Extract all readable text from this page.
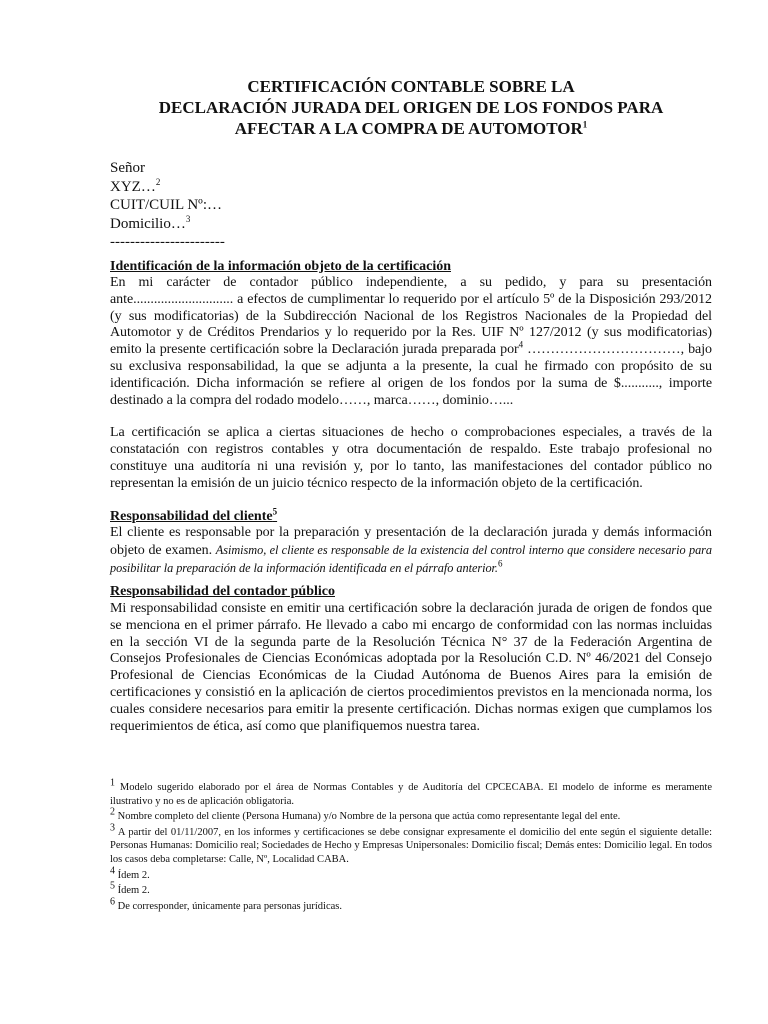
CERTIFICACIÓN CONTABLE SOBRE LA
DECLARACIÓN JURADA DEL ORIGEN DE LOS FONDOS PARA
AFECTAR A LA COMPRA DE AUTOMOTOR$^1$
Señor
XYZ…$^2$
CUIT/CUIL Nº:…
Domicilio…$^3$
-----------------------
Identificación de la información objeto de la certificación

En mi carácter de contador público independiente, a su pedido, y para su presentación ante............................. a efectos de cumplimentar lo requerido por el artículo 5º de la Disposición 293/2012 (y sus modificatorias) de la Subdirección Nacional de los Registros Nacionales de la Propiedad del Automotor y de Créditos Prendarios y lo requerido por la Res. UIF Nº 127/2012 (y sus modificatorias) emito la presente certificación sobre la Declaración jurada preparada por$^4$ ……………………………, bajo su exclusiva responsabilidad, la que se adjunta a la presente, la cual he firmado con propósito de su identificación. Dicha información se refiere al origen de los fondos por la suma de $..........., importe destinado a la compra del rodado modelo……, marca……, dominio…...

La certificación se aplica a ciertas situaciones de hecho o comprobaciones especiales, a través de la constatación con registros contables y otra documentación de respaldo. Este trabajo profesional no constituye una auditoría ni una revisión y, por lo tanto, las manifestaciones del contador público no representan la emisión de un juicio técnico respecto de la información objeto de la certificación.

Responsabilidad del cliente$^5$

El cliente es responsable por la preparación y presentación de la declaración jurada y demás información objeto de examen. Asimismo, el cliente es responsable de la existencia del control interno que considere necesario para posibilitar la preparación de la información identificada en el párrafo anterior.$^6$

Responsabilidad del contador público

Mi responsabilidad consiste en emitir una certificación sobre la declaración jurada de origen de fondos que se menciona en el primer párrafo. He llevado a cabo mi encargo de conformidad con las normas incluidas en la sección VI de la segunda parte de la Resolución Técnica N° 37 de la Federación Argentina de Consejos Profesionales de Ciencias Económicas adoptada por la Resolución C.D. Nº 46/2021 del Consejo Profesional de Ciencias Económicas de la Ciudad Autónoma de Buenos Aires para la emisión de certificaciones y consistió en la aplicación de ciertos procedimientos previstos en la mencionada norma, los cuales considere necesarios para emitir la presente certificación. Dichas normas exigen que cumplamos los requerimientos de ética, así como que planifiquemos nuestra tarea.

$^1$ Modelo sugerido elaborado por el área de Normas Contables y de Auditoría del CPCECABA. El modelo de informe es meramente ilustrativo y no es de aplicación obligatoria.

$^2$ Nombre completo del cliente (Persona Humana) y/o Nombre de la persona que actúa como representante legal del ente.

$^3$ A partir del 01/11/2007, en los informes y certificaciones se debe consignar expresamente el domicilio del ente según el siguiente detalle: Personas Humanas: Domicilio real; Sociedades de Hecho y Empresas Unipersonales: Domicilio fiscal; Demás entes: Domicilio legal. En todos los casos deba completarse: Calle, Nº, Localidad CABA.

$^4$ Ídem 2.

$^5$ Ídem 2.

$^6$ De corresponder, únicamente para personas jurídicas.
